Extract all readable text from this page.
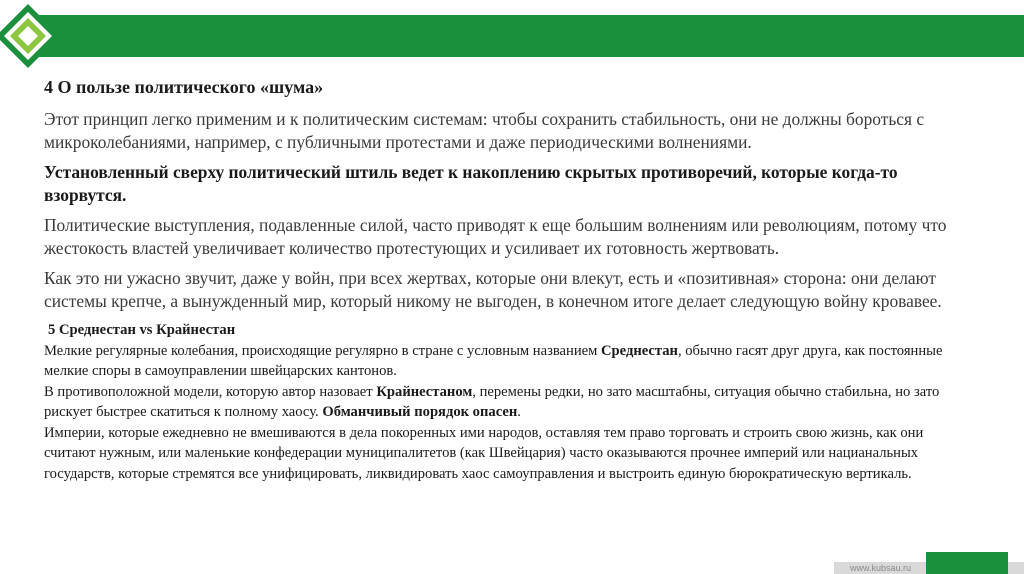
4 О пользе политического «шума»
Этот принцип легко применим и к политическим системам: чтобы сохранить стабильность, они не должны бороться с микроколебаниями, например, с публичными протестами и даже периодическими волнениями.
Установленный сверху политический штиль ведет к накоплению скрытых противоречий, которые когда-то взорвутся.
Политические выступления, подавленные силой, часто приводят к еще большим волнениям или революциям, потому что жестокость властей увеличивает количество протестующих и усиливает их готовность жертвовать.
Как это ни ужасно звучит, даже у войн, при всех жертвах, которые они влекут, есть и «позитивная» сторона: они делают системы крепче, а вынужденный мир, который никому не выгоден, в конечном итоге делает следующую войну кровавее.
5 Среднестан vs Крайнестан
Мелкие регулярные колебания, происходящие регулярно в стране с условным названием Среднестан, обычно гасят друг друга, как постоянные мелкие споры в самоуправлении швейцарских кантонов.
В противоположной модели, которую автор назовает Крайнестаном, перемены редки, но зато масштабны, ситуация обычно стабильна, но зато рискует быстрее скатиться к полному хаосу. Обманчивый порядок опасен.
Империи, которые ежедневно не вмешиваются в дела покоренных ими народов, оставляя тем право торговать и строить свою жизнь, как они считают нужным, или маленькие конфедерации муниципалитетов (как Швейцария) часто оказываются прочнее империй или нацианальных государств, которые стремятся все унифицировать, ликвидировать хаос самоуправления и выстроить единую бюрократическую вертикаль.
www.kubsau.ru
